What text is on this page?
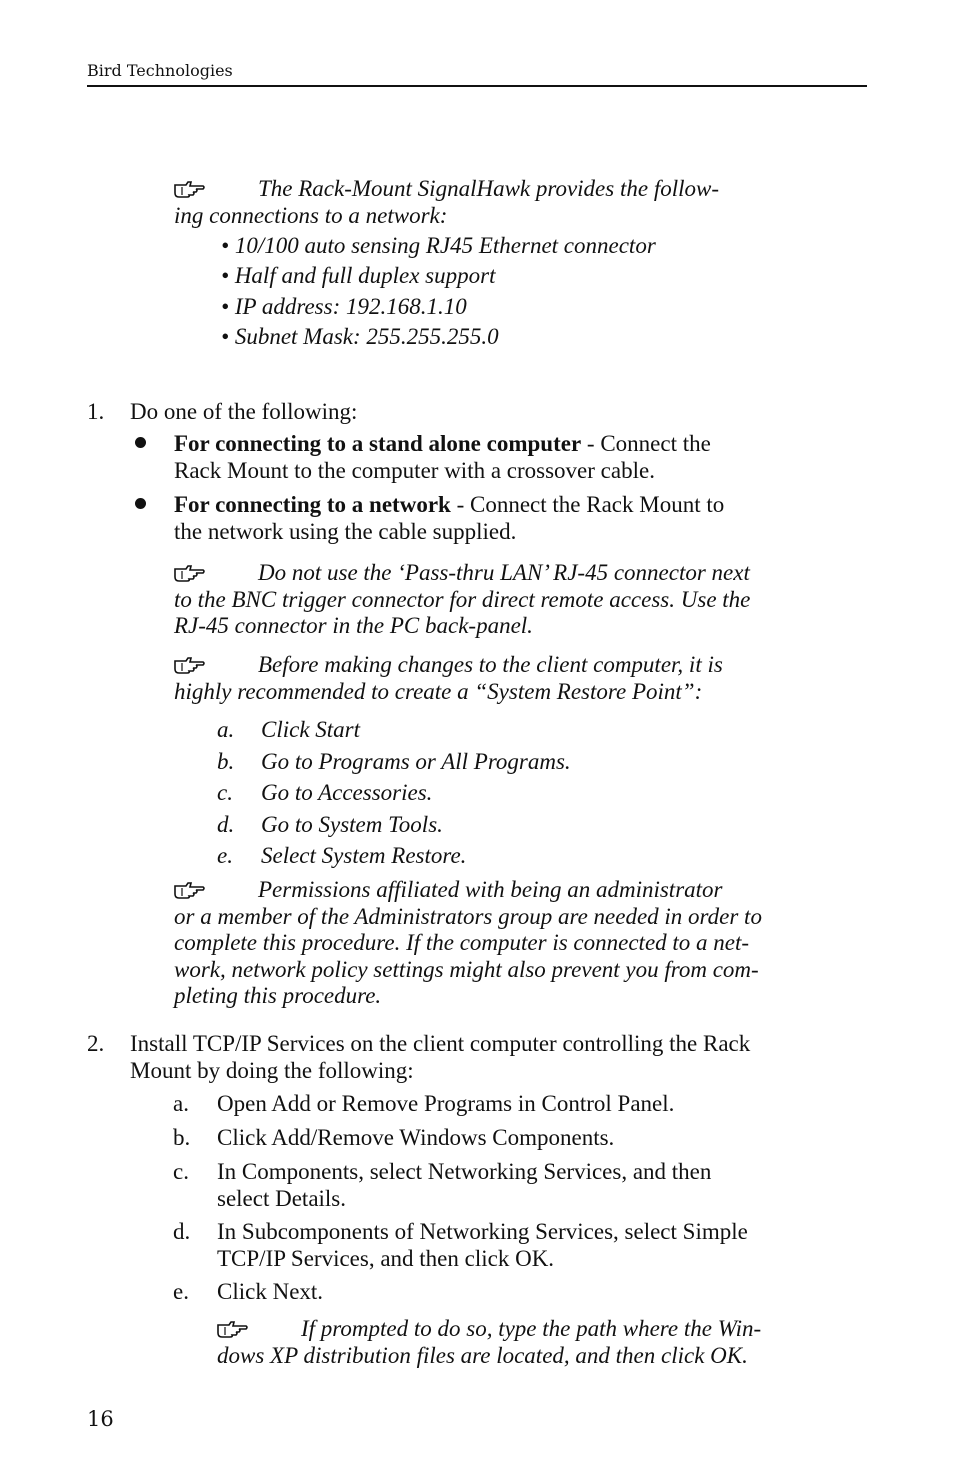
Bird Technologies
The Rack-Mount SignalHawk provides the follow-
ing connections to a network:
• 10/100 auto sensing RJ45 Ethernet connector
• Half and full duplex support
• IP address: 192.168.1.10
• Subnet Mask: 255.255.255.0
1. Do one of the following:
For connecting to a stand alone computer - Connect the
Rack Mount to the computer with a crossover cable.
For connecting to a network - Connect the Rack Mount to
the network using the cable supplied.
Do not use the ‘Pass-thru LAN’ RJ-45 connector next
to the BNC trigger connector for direct remote access. Use the
RJ-45 connector in the PC back-panel.
Before making changes to the client computer, it is
highly recommended to create a “System Restore Point”:
a. Click Start
b. Go to Programs or All Programs.
c. Go to Accessories.
d. Go to System Tools.
e. Select System Restore.
Permissions affiliated with being an administrator
or a member of the Administrators group are needed in order to
complete this procedure. If the computer is connected to a net-
work, network policy settings might also prevent you from com-
pleting this procedure.
2. Install TCP/IP Services on the client computer controlling the Rack
Mount by doing the following:
a. Open Add or Remove Programs in Control Panel.
b. Click Add/Remove Windows Components.
c. In Components, select Networking Services, and then
select Details.
d. In Subcomponents of Networking Services, select Simple
TCP/IP Services, and then click OK.
e. Click Next.
If prompted to do so, type the path where the Win-
dows XP distribution files are located, and then click OK.
16
